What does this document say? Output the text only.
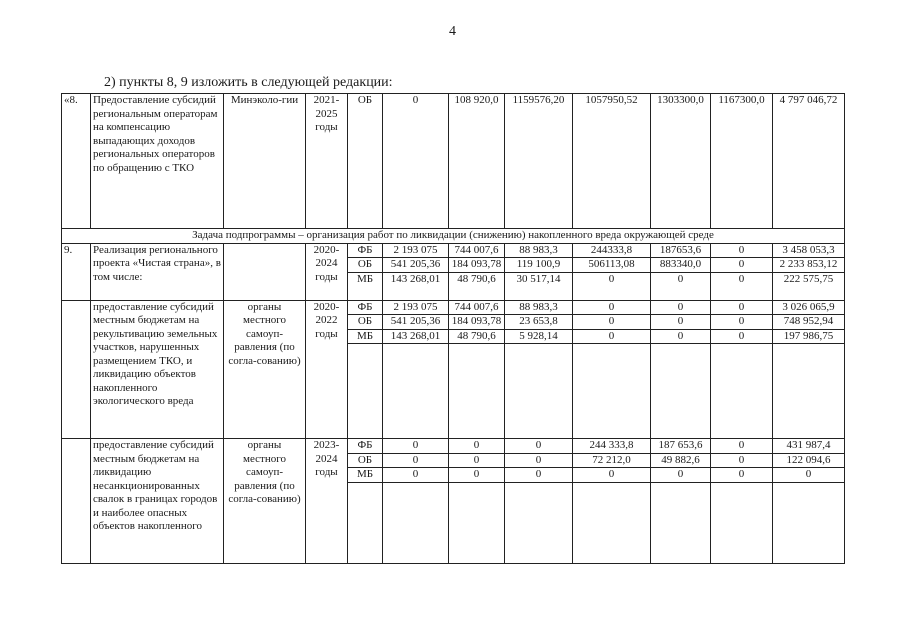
4
2) пункты 8, 9 изложить в следующей редакции:
«8.	Предоставление субсидий региональным операторам на компенсацию выпадающих доходов региональных операторов по обращению с ТКО	Минэколо-гии	2021-2025 годы	ОБ	0	108 920,0	1159576,20	1057950,52	1303300,0	1167300,0	4 797 046,72
Задача подпрограммы – организация работ по ликвидации (снижению) накопленного вреда окружающей среде											
9.	Реализация регионального проекта «Чистая страна», в том числе:		2020-2024 годы	ФБ	2 193 075	744 007,6	88 983,3	244333,8	187653,6	0	3 458 053,3
				ОБ	541 205,36	184 093,78	119 100,9	506113,08	883340,0	0	2 233 853,12
				МБ	143 268,01	48 790,6	30 517,14	0	0	0	222 575,75
	предоставление субсидий местным бюджетам на рекультивацию земельных участков, нарушенных размещением ТКО, и ликвидацию объектов накопленного экологического вреда	органы местного самоуп-равления (по согла-сованию)	2020-2022 годы	ФБ	2 193 075	744 007,6	88 983,3	0	0	0	3 026 065,9
				ОБ	541 205,36	184 093,78	23 653,8	0	0	0	748 952,94
				МБ	143 268,01	48 790,6	5 928,14	0	0	0	197 986,75

	предоставление субсидий местным бюджетам на ликвидацию несанкционированных свалок в границах городов и наиболее опасных объектов накопленного	органы местного самоуп-равления (по согла-сованию)	2023-2024 годы	ФБ	0	0	0	244 333,8	187 653,6	0	431 987,4
				ОБ	0	0	0	72 212,0	49 882,6	0	122 094,6
				МБ	0	0	0	0	0	0	0
